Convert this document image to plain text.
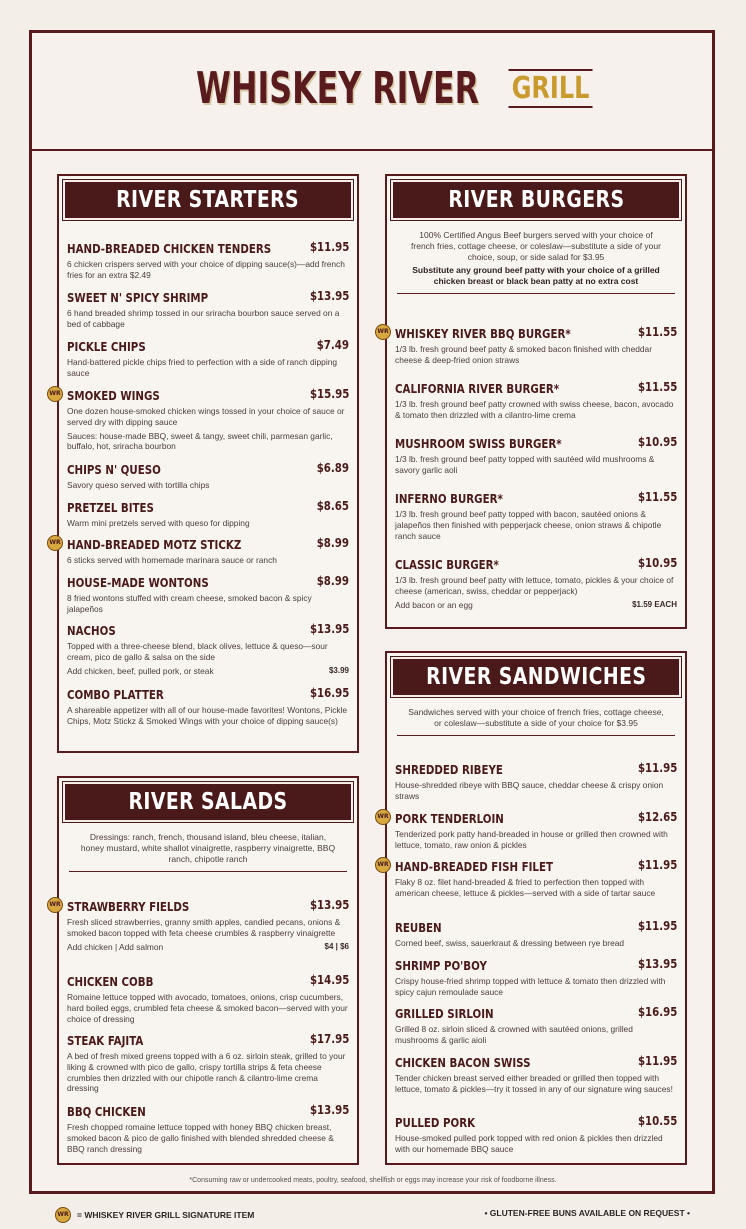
WHISKEY RIVER GRILL
RIVER STARTERS
HAND-BREADED CHICKEN TENDERS	$11.95
6 chicken crispers served with your choice of dipping sauce(s)—add french fries for an extra $2.49
SWEET N' SPICY SHRIMP	$13.95
6 hand breaded shrimp tossed in our sriracha bourbon sauce served on a bed of cabbage
PICKLE CHIPS	$7.49
Hand-battered pickle chips fried to perfection with a side of ranch dipping sauce
WR SMOKED WINGS	$15.95
One dozen house-smoked chicken wings tossed in your choice of sauce or served dry with dipping sauce
Sauces: house-made BBQ, sweet & tangy, sweet chili, parmesan garlic, buffalo, hot, sriracha bourbon
CHIPS N' QUESO	$6.89
Savory queso served with tortilla chips
PRETZEL BITES	$8.65
Warm mini pretzels served with queso for dipping
WR HAND-BREADED MOTZ STICKZ	$8.99
6 sticks served with homemade marinara sauce or ranch
HOUSE-MADE WONTONS	$8.99
8 fried wontons stuffed with cream cheese, smoked bacon & spicy jalapeños
NACHOS	$13.95
Topped with a three-cheese blend, black olives, lettuce & queso—sour cream, pico de gallo & salsa on the side
Add chicken, beef, pulled pork, or steak	$3.99
COMBO PLATTER	$16.95
A shareable appetizer with all of our house-made favorites! Wontons, Pickle Chips, Motz Stickz & Smoked Wings with your choice of dipping sauce(s)
RIVER SALADS
Dressings: ranch, french, thousand island, bleu cheese, italian, honey mustard, white shallot vinaigrette, raspberry vinaigrette, BBQ ranch, chipotle ranch
WR STRAWBERRY FIELDS	$13.95
Fresh sliced strawberries, granny smith apples, candied pecans, onions & smoked bacon topped with feta cheese crumbles & raspberry vinaigrette
Add chicken | Add salmon	$4 | $6
CHICKEN COBB	$14.95
Romaine lettuce topped with avocado, tomatoes, onions, crisp cucumbers, hard boiled eggs, crumbled feta cheese & smoked bacon—served with your choice of dressing
STEAK FAJITA	$17.95
A bed of fresh mixed greens topped with a 6 oz. sirloin steak, grilled to your liking & crowned with pico de gallo, crispy tortilla strips & feta cheese crumbles then drizzled with our chipotle ranch & cilantro-lime crema dressing
BBQ CHICKEN	$13.95
Fresh chopped romaine lettuce topped with honey BBQ chicken breast, smoked bacon & pico de gallo finished with blended shredded cheese & BBQ ranch dressing
RIVER BURGERS
100% Certified Angus Beef burgers served with your choice of french fries, cottage cheese, or coleslaw—substitute a side of your choice, soup, or side salad for $3.95
Substitute any ground beef patty with your choice of a grilled chicken breast or black bean patty at no extra cost
WR WHISKEY RIVER BBQ BURGER*	$11.55
1/3 lb. fresh ground beef patty & smoked bacon finished with cheddar cheese & deep-fried onion straws
CALIFORNIA RIVER BURGER*	$11.55
1/3 lb. fresh ground beef patty crowned with swiss cheese, bacon, avocado & tomato then drizzled with a cilantro-lime crema
MUSHROOM SWISS BURGER*	$10.95
1/3 lb. fresh ground beef patty topped with sautéed wild mushrooms & savory garlic aoli
INFERNO BURGER*	$11.55
1/3 lb. fresh ground beef patty topped with bacon, sautéed onions & jalapeños then finished with pepperjack cheese, onion straws & chipotle ranch sauce
CLASSIC BURGER*	$10.95
1/3 lb. fresh ground beef patty with lettuce, tomato, pickles & your choice of cheese (american, swiss, cheddar or pepperjack)
Add bacon or an egg	$1.59 EACH
RIVER SANDWICHES
Sandwiches served with your choice of french fries, cottage cheese, or coleslaw—substitute a side of your choice for $3.95
SHREDDED RIBEYE	$11.95
House-shredded ribeye with BBQ sauce, cheddar cheese & crispy onion straws
WR PORK TENDERLOIN	$12.65
Tenderized pork patty hand-breaded in house or grilled then crowned with lettuce, tomato, raw onion & pickles
WR HAND-BREADED FISH FILET	$11.95
Flaky 8 oz. filet hand-breaded & fried to perfection then topped with american cheese, lettuce & pickles—served with a side of tartar sauce
REUBEN	$11.95
Corned beef, swiss, sauerkraut & dressing between rye bread
SHRIMP PO'BOY	$13.95
Crispy house-fried shrimp topped with lettuce & tomato then drizzled with spicy cajun remoulade sauce
GRILLED SIRLOIN	$16.95
Grilled 8 oz. sirloin sliced & crowned with sautéed onions, grilled mushrooms & garlic aioli
CHICKEN BACON SWISS	$11.95
Tender chicken breast served either breaded or grilled then topped with lettuce, tomato & pickles—try it tossed in any of our signature wing sauces!
PULLED PORK	$10.55
House-smoked pulled pork topped with red onion & pickles then drizzled with our homemade BBQ sauce
*Consuming raw or undercooked meats, poultry, seafood, shellfish or eggs may increase your risk of foodborne illness.
WR = WHISKEY RIVER GRILL SIGNATURE ITEM	• GLUTEN-FREE BUNS AVAILABLE ON REQUEST •
